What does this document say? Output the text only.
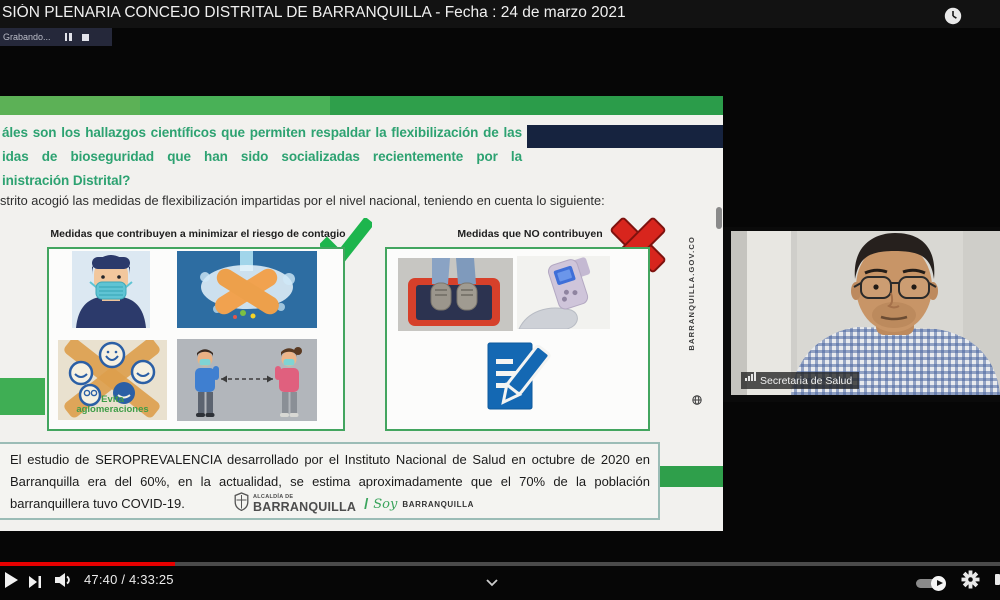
SIÓN PLENARIA CONCEJO DISTRITAL DE BARRANQUILLA - Fecha : 24 de marzo 2021
Grabando...
áles son los hallazgos científicos que permiten respaldar la flexibilización de las
idas de bioseguridad que han sido socializadas recientemente por la
inistración Distrital?
strito acogió las medidas de flexibilización impartidas por el nivel nacional, teniendo en cuenta lo siguiente:
Medidas que contribuyen a minimizar el riesgo de contagio	Medidas que NO contribuyen
Evita
aglomeraciones
BARRANQUILLA.GOV.CO
El estudio de SEROPREVALENCIA desarrollado por el Instituto Nacional de Salud en octubre de 2020 en
Barranquilla era del 60%, en la actualidad, se estima aproximadamente que el 70% de la población
barranquillera tuvo COVID-19.	ALCALDÍA DE
BARRANQUILLA / Soy BARRANQUILLA
Secretaria de Salud
47:40 / 4:33:25
